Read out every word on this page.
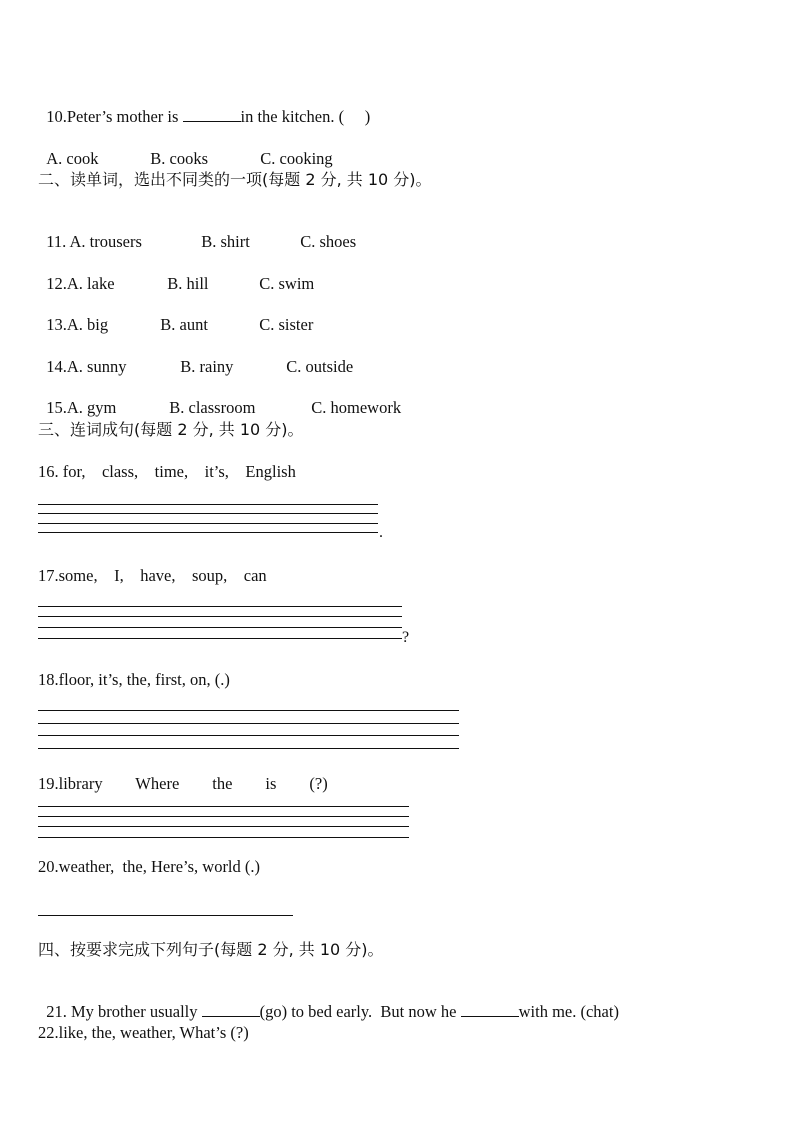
10.Peter’s mother is	in the kitchen. (     )

A. cook	B. cooks	C. cooking

二、读单词，选出不同类的一项(每题 2 分, 共 10 分)。

11. A. trousers	B. shirt	C. shoes

12.A. lake	B. hill	C. swim

13.A. big	B. aunt	C. sister

14.A. sunny	B. rainy	C. outside

15.A. gym	B. classroom	C. homework

三、连词成句(每题 2 分, 共 10 分)。
16. for,    class,    time,    it’s,    English
.
17.some,    I,    have,    soup,    can
?
18.floor, it’s, the, first, on, (.)
19.library        Where        the        is        (?)
20.weather,  the, Here’s, world (.)
四、按要求完成下列句子(每题 2 分, 共 10 分)。

21. My brother usually	(go) to bed early.  But now he	with me. (chat)

22.like, the, weather, What’s (?)
